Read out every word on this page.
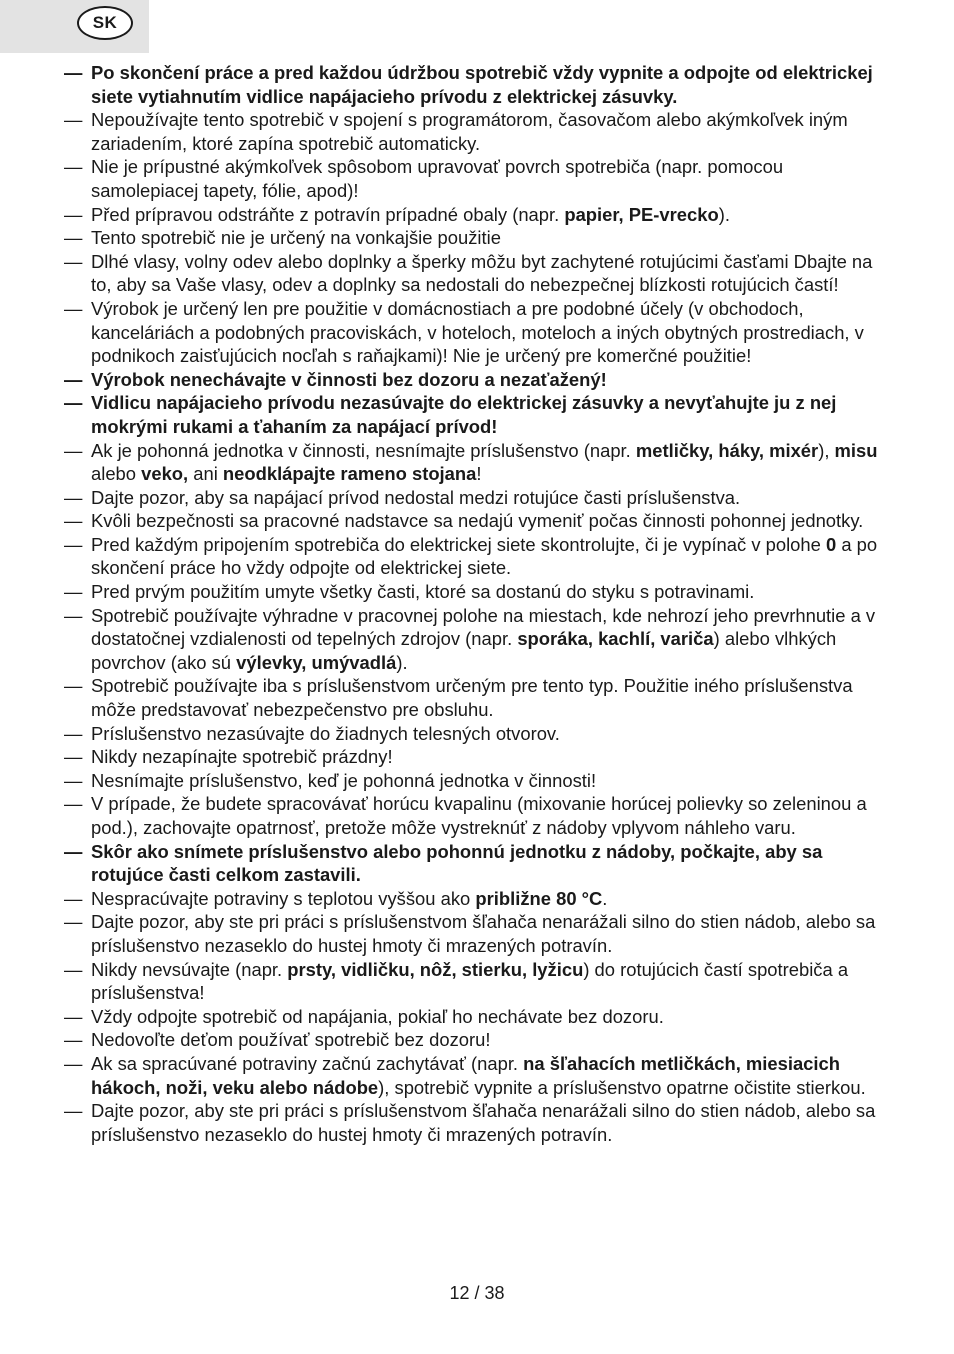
SK
— Po skončení práce a pred každou údržbou spotrebič vždy vypnite a odpojte od elektrickej siete vytiahnutím vidlice napájacieho prívodu z elektrickej zásuvky.
— Nepoužívajte tento spotrebič v spojení s programátorom, časovačom alebo akýmkoľvek iným zariadením, ktoré zapína spotrebič automaticky.
— Nie je prípustné akýmkoľvek spôsobom upravovať povrch spotrebiča (napr. pomocou samolepiacej tapety, fólie, apod)!
— Před prípravou odstráňte z potravín prípadné obaly (napr. papier, PE-vrecko).
— Tento spotrebič nie je určený na vonkajšie použitie
— Dlhé vlasy, volny odev alebo doplnky a šperky môžu byt zachytené rotujúcimi časťami Dbajte na to, aby sa Vaše vlasy, odev a doplnky sa nedostali do nebezpečnej blízkosti rotujúcich častí!
— Výrobok je určený len pre použitie v domácnostiach a pre podobné účely (v obchodoch, kanceláriách a podobných pracoviskách, v hoteloch, moteloch a iných obytných prostrediach, v podnikoch zaisťujúcich nocľah s raňajkami)! Nie je určený pre komerčné použitie!
— Výrobok nenechávajte v činnosti bez dozoru a nezaťažený!
— Vidlicu napájacieho prívodu nezasúvajte do elektrickej zásuvky a nevyťahujte ju z nej mokrými rukami a ťahaním za napájací prívod!
— Ak je pohonná jednotka v činnosti, nesnímajte príslušenstvo (napr. metličky, háky, mixér), misu alebo veko, ani neodklápajte rameno stojana!
— Dajte pozor, aby sa napájací prívod nedostal medzi rotujúce časti príslušenstva.
— Kvôli bezpečnosti sa pracovné nadstavce sa nedajú vymeniť počas činnosti pohonnej jednotky.
— Pred každým pripojením spotrebiča do elektrickej siete skontrolujte, či je vypínač v polohe 0 a po skončení práce ho vždy odpojte od elektrickej siete.
— Pred prvým použitím umyte všetky časti, ktoré sa dostanú do styku s potravinami.
— Spotrebič používajte výhradne v pracovnej polohe na miestach, kde nehrozí jeho prevrhnutie a v dostatočnej vzdialenosti od tepelných zdrojov (napr. sporáka, kachlí, variča) alebo vlhkých povrchov (ako sú výlevky, umývadlá).
— Spotrebič používajte iba s príslušenstvom určeným pre tento typ. Použitie iného príslušenstva môže predstavovať nebezpečenstvo pre obsluhu.
— Príslušenstvo nezasúvajte do žiadnych telesných otvorov.
— Nikdy nezapínajte spotrebič prázdny!
— Nesnímajte príslušenstvo, keď je pohonná jednotka v činnosti!
— V prípade, že budete spracovávať horúcu kvapalinu (mixovanie horúcej polievky so zeleninou a pod.), zachovajte opatrnosť, pretože môže vystreknúť z nádoby vplyvom náhleho varu.
— Skôr ako snímete príslušenstvo alebo pohonnú jednotku z nádoby, počkajte, aby sa rotujúce časti celkom zastavili.
— Nespracúvajte potraviny s teplotou vyššou ako približne 80 °C.
— Dajte pozor, aby ste pri práci s príslušenstvom šľahača nenarážali silno do stien nádob, alebo sa príslušenstvo nezaseklo do hustej hmoty či mrazených potravín.
— Nikdy nevsúvajte (napr. prsty, vidličku, nôž, stierku, lyžicu) do rotujúcich častí spotrebiča a príslušenstva!
— Vždy odpojte spotrebič od napájania, pokiaľ ho nechávate bez dozoru.
— Nedovoľte deťom používať spotrebič bez dozoru!
— Ak sa spracúvané potraviny začnú zachytávať (napr. na šľahacích metličkách, miesiacich hákoch, noži, veku alebo nádobe), spotrebič vypnite a príslušenstvo opatrne očistite stierkou.
— Dajte pozor, aby ste pri práci s príslušenstvom šľahača nenarážali silno do stien nádob, alebo sa príslušenstvo nezaseklo do hustej hmoty či mrazených potravín.
12 / 38
